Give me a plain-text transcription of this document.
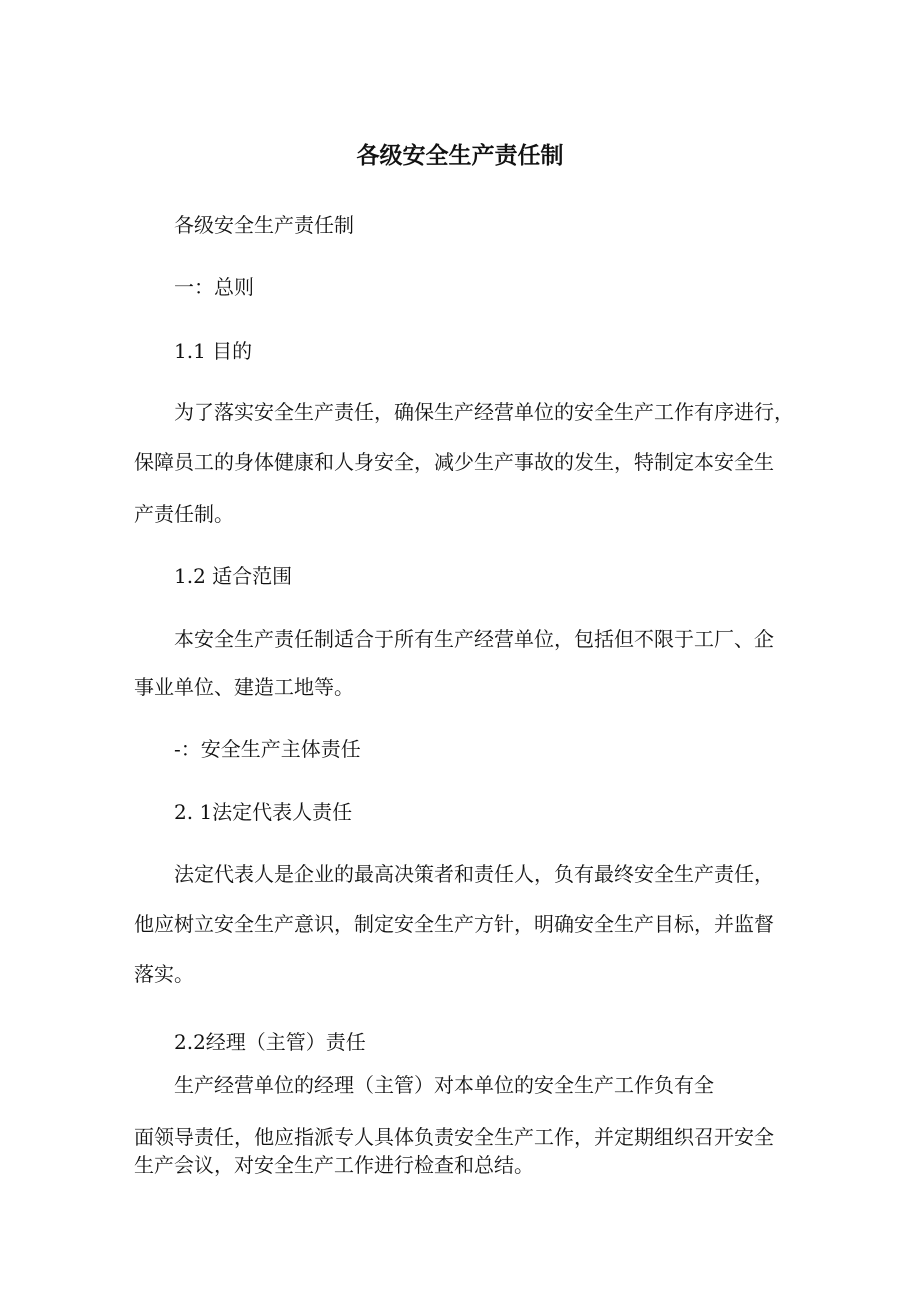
各级安全生产责任制
各级安全生产责任制
一：总则
1.1 目的
为了落实安全生产责任，确保生产经营单位的安全生产工作有序进行，
保障员工的身体健康和人身安全，减少生产事故的发生，特制定本安全生
产责任制。
1.2 适合范围
本安全生产责任制适合于所有生产经营单位，包括但不限于工厂、企
事业单位、建造工地等。
-：安全生产主体责任
2. 1法定代表人责任
法定代表人是企业的最高决策者和责任人，负有最终安全生产责任，
他应树立安全生产意识，制定安全生产方针，明确安全生产目标，并监督
落实。
2.2经理（主管）责任
生产经营单位的经理（主管）对本单位的安全生产工作负有全
面领导责任，他应指派专人具体负责安全生产工作，并定期组织召开安全
生产会议，对安全生产工作进行检查和总结。
